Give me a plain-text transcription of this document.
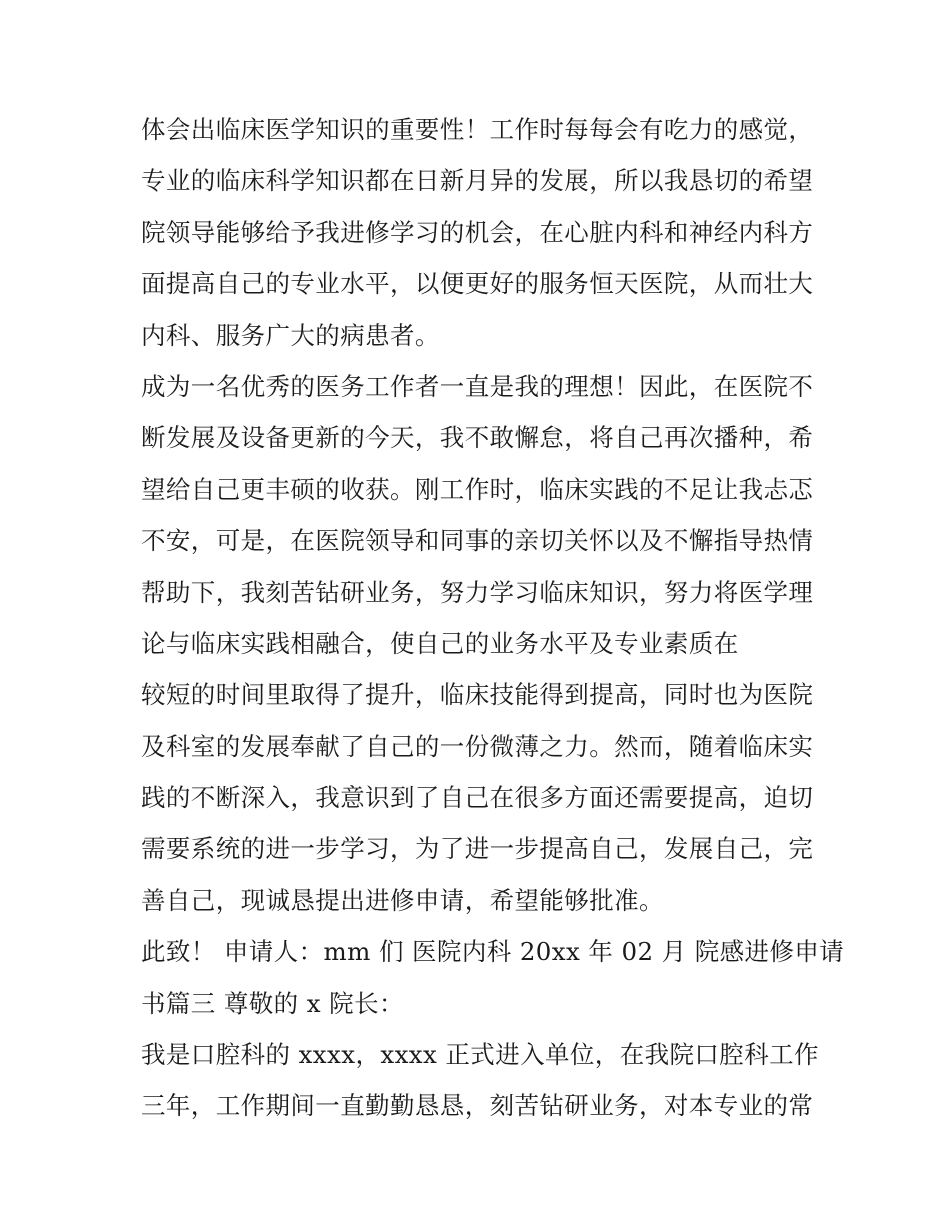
体会出临床医学知识的重要性！工作时每每会有吃力的感觉，
专业的临床科学知识都在日新月异的发展，所以我恳切的希望
院领导能够给予我进修学习的机会，在心脏内科和神经内科方
面提高自己的专业水平，以便更好的服务恒天医院，从而壮大
内科、服务广大的病患者。
成为一名优秀的医务工作者一直是我的理想！因此，在医院不
断发展及设备更新的今天，我不敢懈怠，将自己再次播种，希
望给自己更丰硕的收获。刚工作时，临床实践的不足让我忐忑
不安，可是，在医院领导和同事的亲切关怀以及不懈指导热情
帮助下，我刻苦钻研业务，努力学习临床知识，努力将医学理
论与临床实践相融合，使自己的业务水平及专业素质在
较短的时间里取得了提升，临床技能得到提高，同时也为医院
及科室的发展奉献了自己的一份微薄之力。然而，随着临床实
践的不断深入，我意识到了自己在很多方面还需要提高，迫切
需要系统的进一步学习，为了进一步提高自己，发展自己，完
善自己，现诚恳提出进修申请，希望能够批准。
此致！ 申请人：mm 们 医院内科 20xx 年 02 月 院感进修申请
书篇三 尊敬的 x 院长：
我是口腔科的 xxxx，xxxx 正式进入单位，在我院口腔科工作
三年，工作期间一直勤勤恳恳，刻苦钻研业务，对本专业的常
